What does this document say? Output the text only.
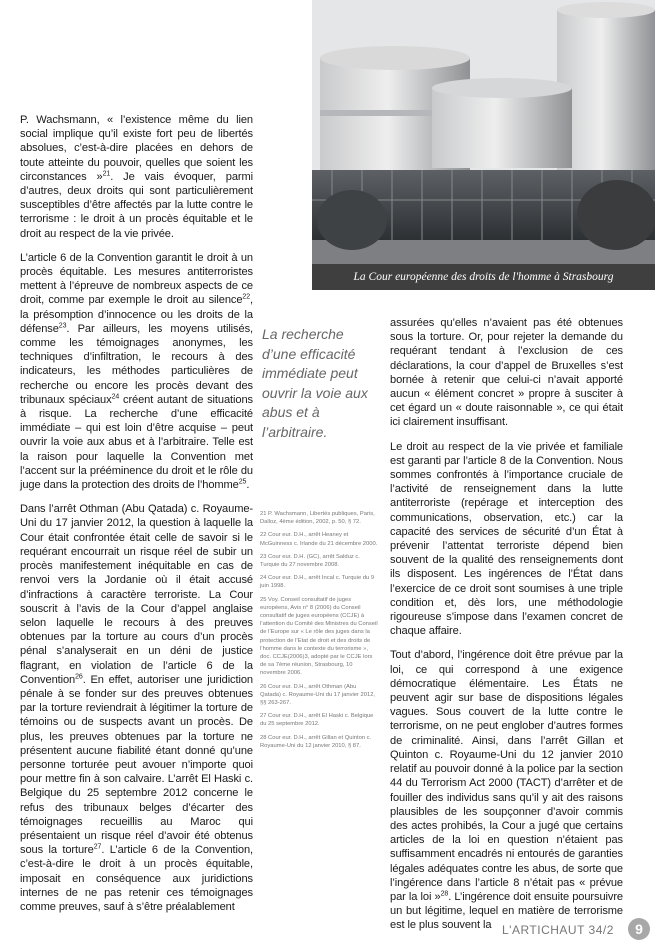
La Cour européenne des droits de l'homme à Strasbourg

P. Wachsmann, « l’existence même du lien social implique qu’il existe fort peu de libertés absolues, c’est-à-dire placées en dehors de toute atteinte du pouvoir, quelles que soient les circonstances »$^{21}$. Je vais évoquer, parmi d’autres, deux droits qui sont particulièrement susceptibles d’être affectés par la lutte contre le terrorisme : le droit à un procès équitable et le droit au respect de la vie privée.

L’article 6 de la Convention garantit le droit à un procès équitable. Les mesures antiterroristes mettent à l’épreuve de nombreux aspects de ce droit, comme par exemple le droit au silence$^{22}$, la présomption d’innocence ou les droits de la défense$^{23}$. Par ailleurs, les moyens utilisés, comme les témoignages anonymes, les techniques d’infiltration, le recours à des indicateurs, les méthodes particulières de recherche ou encore les procès devant des tribunaux spéciaux$^{24}$ créent autant de situations à risque. La recherche d’une efficacité immédiate – qui est loin d’être acquise – peut ouvrir la voie aux abus et à l’arbitraire. Telle est la raison pour laquelle la Convention met l’accent sur la prééminence du droit et le rôle du juge dans la protection des droits de l’homme$^{25}$.

Dans l’arrêt Othman (Abu Qatada) c. Royaume-Uni du 17 janvier 2012, la question à laquelle la Cour était confrontée était celle de savoir si le requérant encourrait un risque réel de subir un procès manifestement inéquitable en cas de renvoi vers la Jordanie où il était accusé d’infractions à caractère terroriste. La Cour souscrit à l’avis de la Cour d’appel anglaise selon laquelle le recours à des preuves obtenues par la torture au cours d’un procès pénal s’analyserait en un déni de justice flagrant, en violation de l’article 6 de la Convention$^{26}$. En effet, autoriser une juridiction pénale à se fonder sur des preuves obtenues par la torture reviendrait à légitimer la torture de témoins ou de suspects avant un procès. De plus, les preuves obtenues par la torture ne présentent aucune fiabilité étant donné qu’une personne torturée peut avouer n’importe quoi pour mettre fin à son calvaire. L’arrêt El Haski c. Belgique du 25 septembre 2012 concerne le refus des tribunaux belges d’écarter des témoignages recueillis au Maroc qui présentaient un risque réel d’avoir été obtenus sous la torture$^{27}$. L’article 6 de la Convention, c’est-à-dire le droit à un procès équitable, imposait en conséquence aux juridictions internes de ne pas retenir ces témoignages comme preuves, sauf à s’être préalablement

La recherche d’une efficacité immédiate peut ouvrir la voie aux abus et à l’arbitraire.

21 P. Wachsmann, Libertés publiques, Paris, Dalloz, 4ème édition, 2002, p. 50, § 72.

22 Cour eur. D.H., arrêt Heaney et McGuinness c. Irlande du 21 décembre 2000.

23 Cour eur. D.H. (GC), arrêt Salduz c. Turquie du 27 novembre 2008.

24 Cour eur. D.H., arrêt Incal c. Turquie du 9 juin 1998.

25 Voy. Conseil consultatif de juges européens, Avis n° 8 (2006) du Conseil consultatif de juges européens (CCJE) à l’attention du Comité des Ministres du Conseil de l’Europe sur « Le rôle des juges dans la protection de l’Etat de droit et des droits de l’homme dans le contexte du terrorisme », doc. CCJE(2006)3, adopté par le CCJE lors de sa 7ème réunion, Strasbourg, 10 novembre 2006.

26 Cour eur. D.H., arrêt Othman (Abu Qatada) c. Royaume-Uni du 17 janvier 2012, §§ 263-267.

27 Cour eur. D.H., arrêt El Haski c. Belgique du 25 septembre 2012.

28 Cour eur. D.H., arrêt Gillan et Quinton c. Royaume-Uni du 12 janvier 2010, § 87.

assurées qu’elles n’avaient pas été obtenues sous la torture. Or, pour rejeter la demande du requérant tendant à l’exclusion de ces déclarations, la cour d’appel de Bruxelles s’est bornée à retenir que celui-ci n’avait apporté aucun « élément concret » propre à susciter à cet égard un « doute raisonnable », ce qui était ici clairement insuffisant.

Le droit au respect de la vie privée et familiale est garanti par l’article 8 de la Convention. Nous sommes confrontés à l’importance cruciale de l’activité de renseignement dans la lutte antiterroriste (repérage et interception des communications, observation, etc.) car la capacité des services de sécurité d’un État à prévenir l’attentat terroriste dépend bien souvent de la qualité des renseignements dont ils disposent. Les ingérences de l’État dans l’exercice de ce droit sont soumises à une triple condition et, dès lors, une méthodologie rigoureuse s’impose dans l’examen concret de chaque affaire.

Tout d’abord, l’ingérence doit être prévue par la loi, ce qui correspond à une exigence démocratique élémentaire. Les États ne peuvent agir sur base de dispositions légales vagues. Sous couvert de la lutte contre le terrorisme, on ne peut englober d’autres formes de criminalité. Ainsi, dans l’arrêt Gillan et Quinton c. Royaume-Uni du 12 janvier 2010 relatif au pouvoir donné à la police par la section 44 du Terrorism Act 2000 (TACT) d’arrêter et de fouiller des individus sans qu’il y ait des raisons plausibles de les soupçonner d’avoir commis des actes prohibés, la Cour a jugé que certains articles de la loi en question n’étaient pas suffisamment encadrés ni entourés de garanties légales adéquates contre les abus, de sorte que l’ingérence dans l’article 8 n’était pas « prévue par la loi »$^{28}$. L’ingérence doit ensuite poursuivre un but légitime, lequel en matière de terrorisme est le plus souvent la L'ARTICHAUT 34/2	9
